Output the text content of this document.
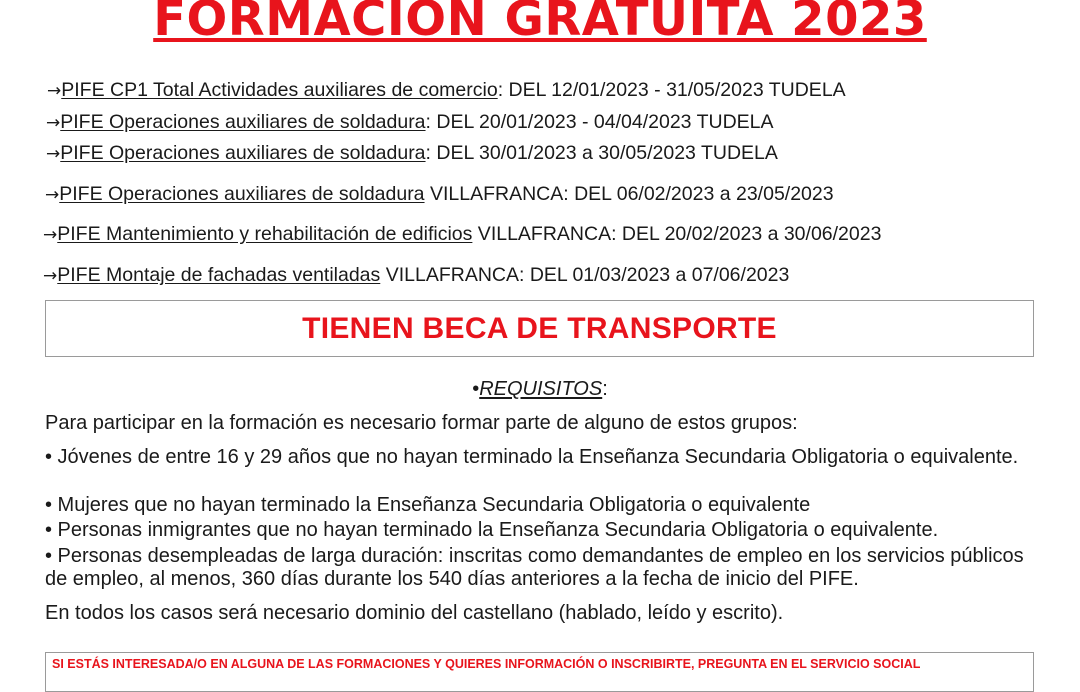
FORMACION GRATUITA 2023
→PIFE CP1 Total Actividades auxiliares de comercio: DEL 12/01/2023 - 31/05/2023 TUDELA
→PIFE Operaciones auxiliares de soldadura: DEL 20/01/2023 - 04/04/2023 TUDELA
→PIFE Operaciones auxiliares de soldadura: DEL 30/01/2023 a 30/05/2023 TUDELA
→PIFE Operaciones auxiliares de soldadura VILLAFRANCA: DEL 06/02/2023 a 23/05/2023
→PIFE Mantenimiento y rehabilitación de edificios VILLAFRANCA: DEL 20/02/2023 a 30/06/2023
→PIFE Montaje de fachadas ventiladas VILLAFRANCA: DEL 01/03/2023 a 07/06/2023
TIENEN BECA DE TRANSPORTE
•REQUISITOS:
Para participar en la formación es necesario formar parte de alguno de estos grupos:
• Jóvenes de entre 16 y 29 años que no hayan terminado la Enseñanza Secundaria Obligatoria o equivalente.
• Mujeres que no hayan terminado la Enseñanza Secundaria Obligatoria o equivalente
• Personas inmigrantes que no hayan terminado la Enseñanza Secundaria Obligatoria o equivalente.
• Personas desempleadas de larga duración: inscritas como demandantes de empleo en los servicios públicos de empleo, al menos, 360 días durante los 540 días anteriores a la fecha de inicio del PIFE.
En todos los casos será necesario dominio del castellano (hablado, leído y escrito).
SI ESTÁS INTERESADA/O EN ALGUNA DE LAS FORMACIONES Y QUIERES INFORMACIÓN O INSCRIBIRTE, PREGUNTA EN EL SERVICIO SOCIAL
